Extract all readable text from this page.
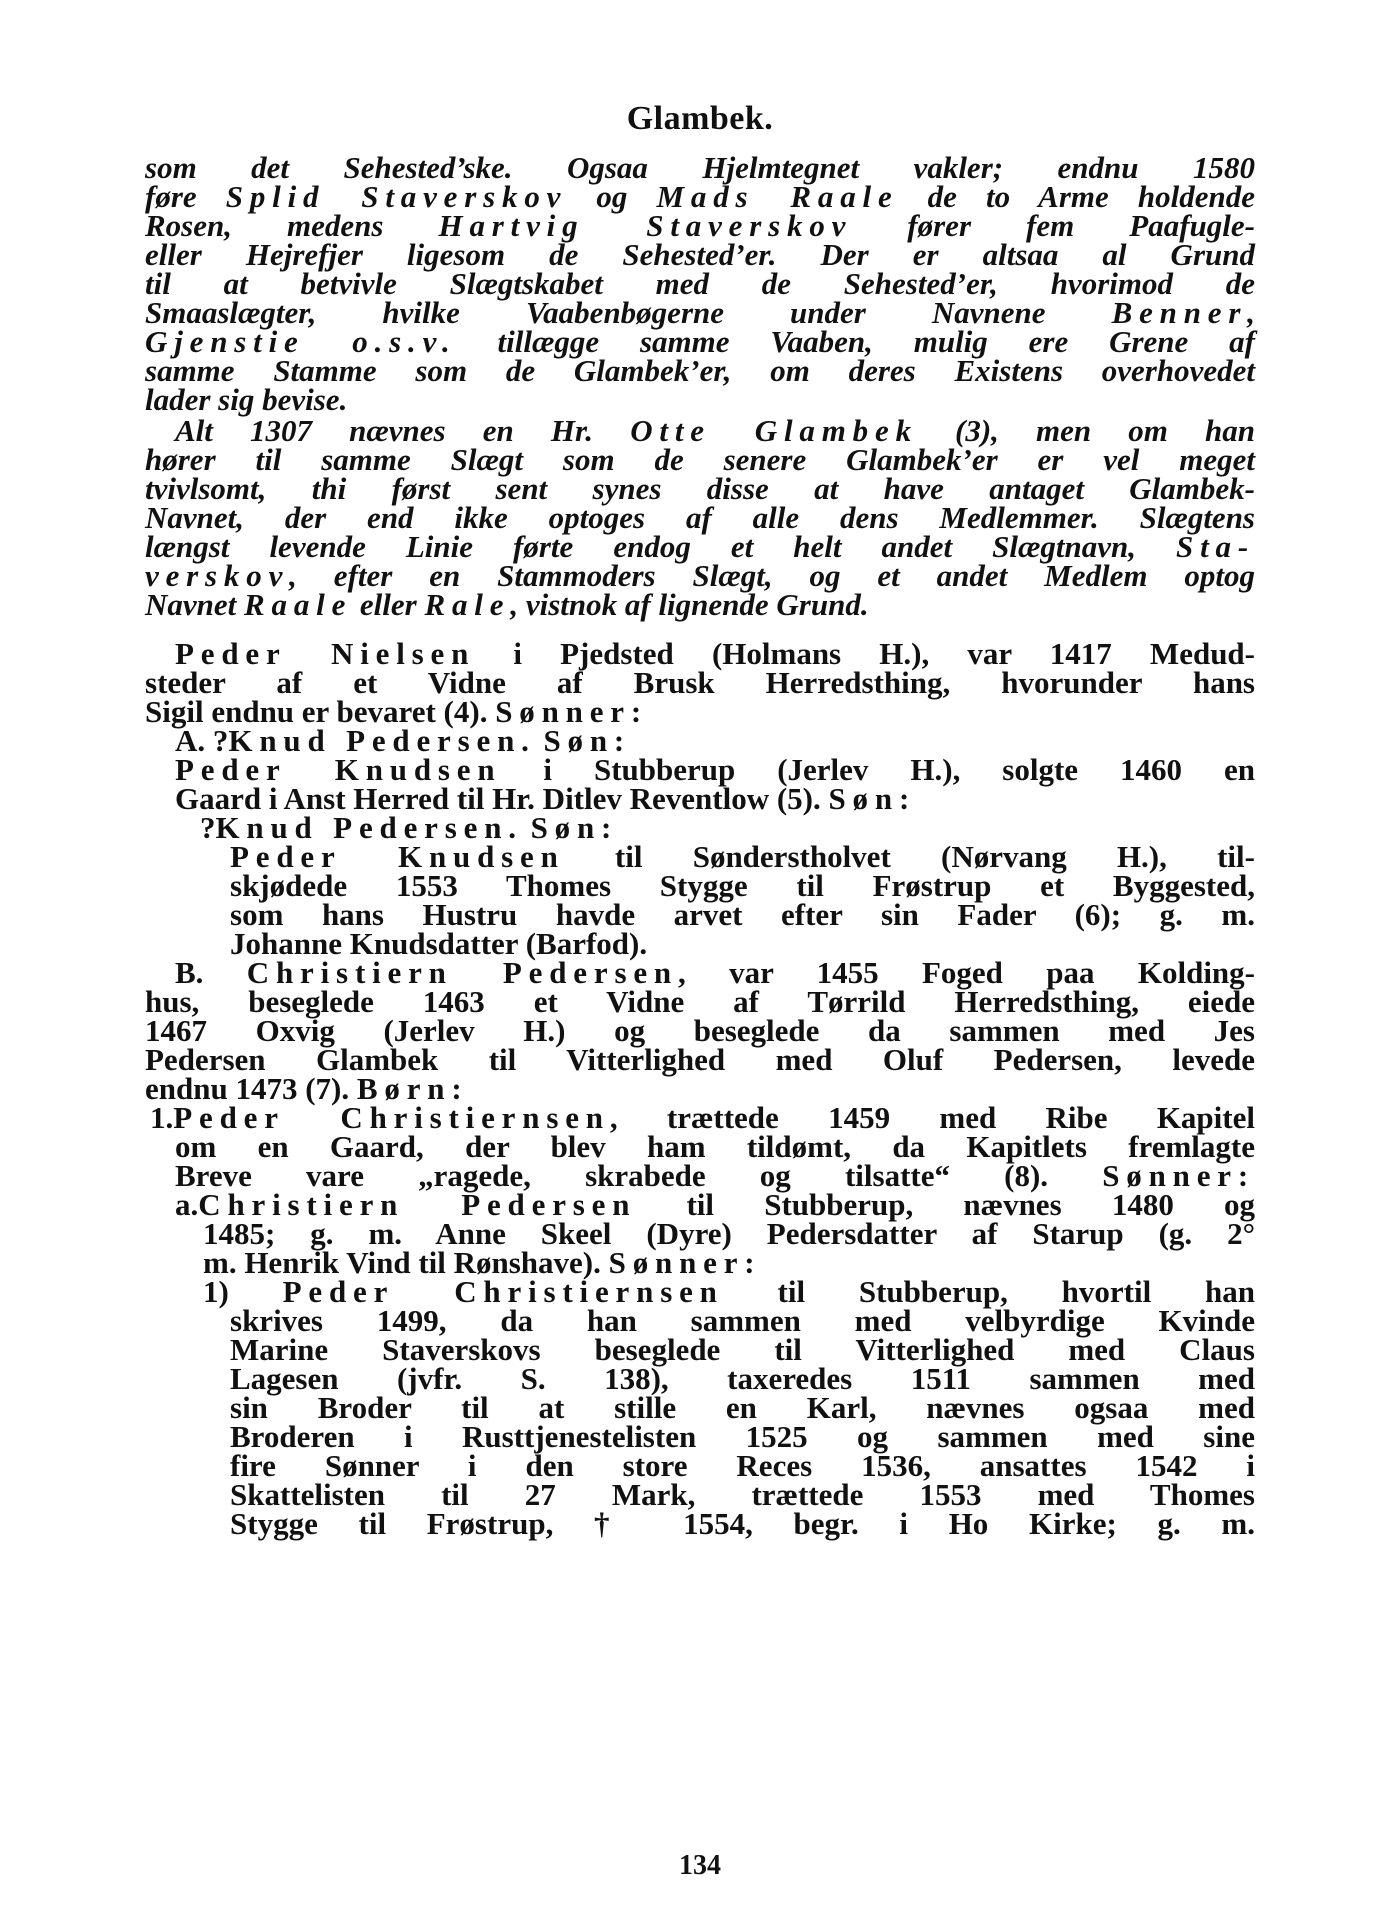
Glambek.
som det Sehested’ske. Ogsaa Hjelmtegnet vakler; endnu 1580
føre Splid Staverskov og Mads Raale de to Arme holdende
Rosen, medens Hartvig Staverskov fører fem Paafugle-
eller Hejrefjer ligesom de Sehested’er. Der er altsaa al Grund
til at betvivle Slægtskabet med de Sehested’er, hvorimod de
Smaaslægter, hvilke Vaabenbøgerne under Navnene Benner,
Gjenstie o.s.v. tillægge samme Vaaben, mulig ere Grene af
samme Stamme som de Glambek’er, om deres Existens overhovedet
lader sig bevise.
Alt 1307 nævnes en Hr. Otte Glambek (3), men om han
hører til samme Slægt som de senere Glambek’er er vel meget
tvivlsomt, thi først sent synes disse at have antaget Glambek-
Navnet, der end ikke optoges af alle dens Medlemmer. Slægtens
længst levende Linie førte endog et helt andet Slægtnavn, Sta-
verskov, efter en Stammoders Slægt, og et andet Medlem optog
Navnet Raale eller Rale, vistnok af lignende Grund.
Peder Nielsen i Pjedsted (Holmans H.), var 1417 Medud-
steder af et Vidne af Brusk Herredsthing, hvorunder hans
Sigil endnu er bevaret (4). Sønner:
A. ?Knud Pedersen. Søn:
Peder Knudsen i Stubberup (Jerlev H.), solgte 1460 en
Gaard i Anst Herred til Hr. Ditlev Reventlow (5). Søn:
?Knud Pedersen. Søn:
Peder Knudsen til Sønderstholvet (Nørvang H.), til-
skjødede 1553 Thomes Stygge til Frøstrup et Byggested,
som hans Hustru havde arvet efter sin Fader (6); g. m.
Johanne Knudsdatter (Barfod).
B. Christiern Pedersen, var 1455 Foged paa Kolding-
hus, beseglede 1463 et Vidne af Tørrild Herredsthing, eiede
1467 Oxvig (Jerlev H.) og beseglede da sammen med Jes
Pedersen Glambek til Vitterlighed med Oluf Pedersen, levede
endnu 1473 (7). Børn:
1.Peder Christiernsen, trættede 1459 med Ribe Kapitel
om en Gaard, der blev ham tildømt, da Kapitlets fremlagte
Breve vare „ragede, skrabede og tilsatte“ (8). Sønner:
a.Christiern Pedersen til Stubberup, nævnes 1480 og
1485; g. m. Anne Skeel (Dyre) Pedersdatter af Starup (g. 2°
m. Henrik Vind til Rønshave). Sønner:
1) Peder Christiernsen til Stubberup, hvortil han
skrives 1499, da han sammen med velbyrdige Kvinde
Marine Staverskovs beseglede til Vitterlighed med Claus
Lagesen (jvfr. S. 138), taxeredes 1511 sammen med
sin Broder til at stille en Karl, nævnes ogsaa med
Broderen i Rusttjenestelisten 1525 og sammen med sine
fire Sønner i den store Reces 1536, ansattes 1542 i
Skattelisten til 27 Mark, trættede 1553 med Thomes
Stygge til Frøstrup, † 1554, begr. i Ho Kirke; g. m.
134
